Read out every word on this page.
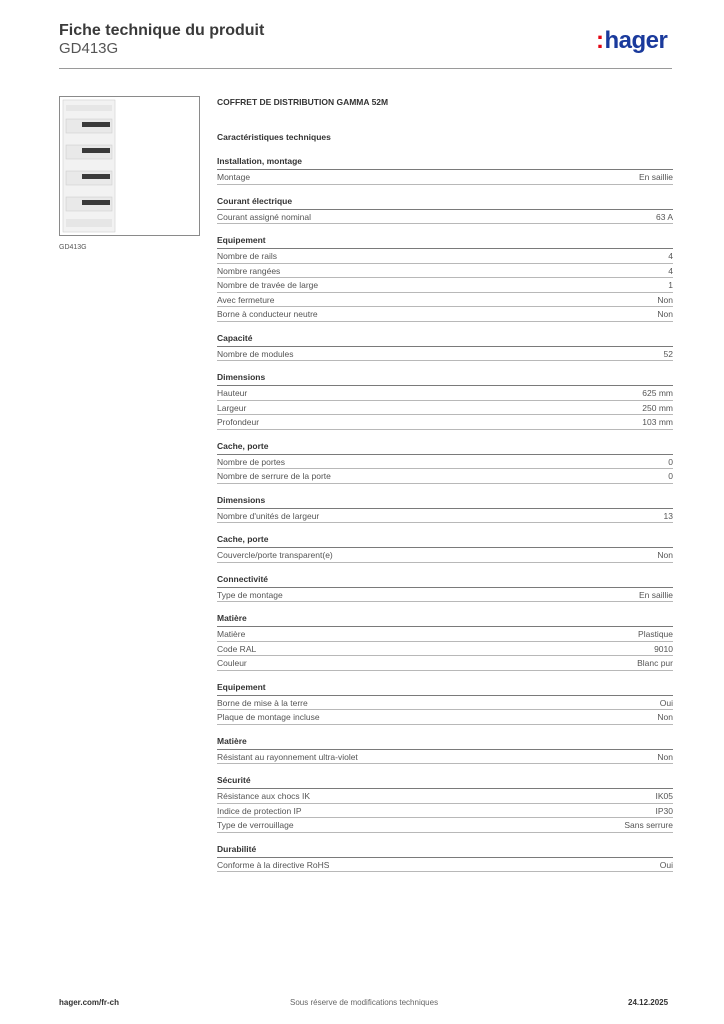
Fiche technique du produit
GD413G	:hager
GD413G
COFFRET DE DISTRIBUTION GAMMA 52M
Caractéristiques techniques
Installation, montage
Montage	En saillie
Courant électrique
Courant assigné nominal	63 A
Equipement
Nombre de rails	4
Nombre rangées	4
Nombre de travée de large	1
Avec fermeture	Non
Borne à conducteur neutre	Non
Capacité
Nombre de modules	52
Dimensions
Hauteur	625 mm
Largeur	250 mm
Profondeur	103 mm
Cache, porte
Nombre de portes	0
Nombre de serrure de la porte	0
Dimensions
Nombre d'unités de largeur	13
Cache, porte
Couvercle/porte transparent(e)	Non
Connectivité
Type de montage	En saillie
Matière
Matière	Plastique
Code RAL	9010
Couleur	Blanc pur
Equipement
Borne de mise à la terre	Oui
Plaque de montage incluse	Non
Matière
Résistant au rayonnement ultra-violet	Non
Sécurité
Résistance aux chocs IK	IK05
Indice de protection IP	IP30
Type de verrouillage	Sans serrure
Durabilité
Conforme à la directive RoHS	Oui
hager.com/fr-ch	Sous réserve de modifications techniques	24.12.2025
